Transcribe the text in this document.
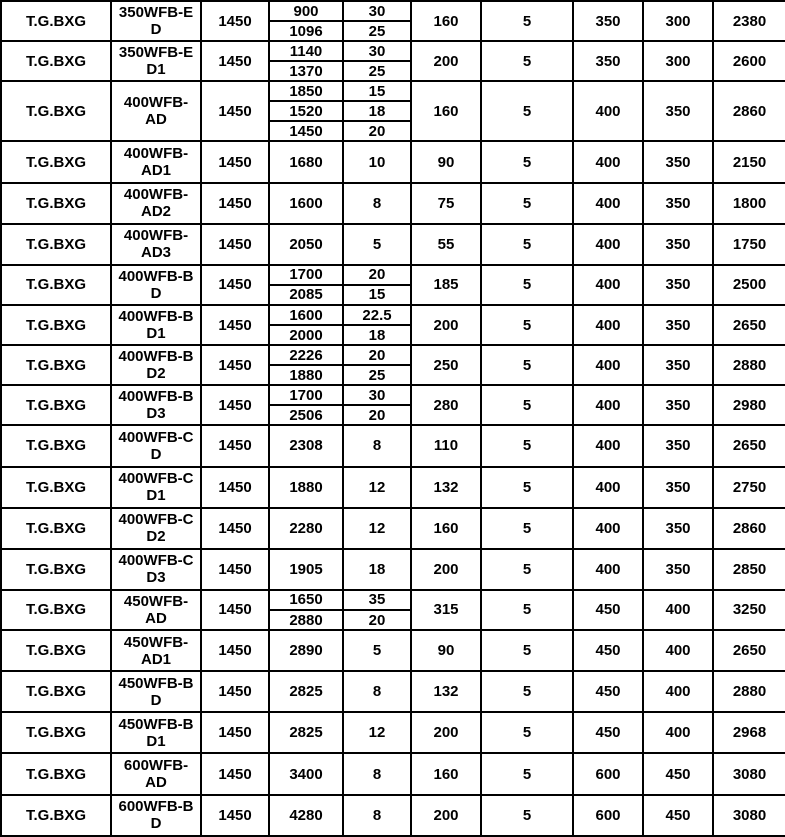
T.G.BXG	350WFB-E
D	1450	900	30	160	5	350	300	2380
			1096	25					
T.G.BXG	350WFB-E
D1	1450	1140	30	200	5	350	300	2600
			1370	25					
T.G.BXG	400WFB-
AD	1450	1850	15	160	5	400	350	2860
			1520	18					
			1450	20					
T.G.BXG	400WFB-
AD1	1450	1680	10	90	5	400	350	2150
T.G.BXG	400WFB-
AD2	1450	1600	8	75	5	400	350	1800
T.G.BXG	400WFB-
AD3	1450	2050	5	55	5	400	350	1750
T.G.BXG	400WFB-B
D	1450	1700	20	185	5	400	350	2500
			2085	15					
T.G.BXG	400WFB-B
D1	1450	1600	22.5	200	5	400	350	2650
			2000	18					
T.G.BXG	400WFB-B
D2	1450	2226	20	250	5	400	350	2880
			1880	25					
T.G.BXG	400WFB-B
D3	1450	1700	30	280	5	400	350	2980
			2506	20					
T.G.BXG	400WFB-C
D	1450	2308	8	110	5	400	350	2650
T.G.BXG	400WFB-C
D1	1450	1880	12	132	5	400	350	2750
T.G.BXG	400WFB-C
D2	1450	2280	12	160	5	400	350	2860
T.G.BXG	400WFB-C
D3	1450	1905	18	200	5	400	350	2850
T.G.BXG	450WFB-
AD	1450	1650	35	315	5	450	400	3250
			2880	20					
T.G.BXG	450WFB-
AD1	1450	2890	5	90	5	450	400	2650
T.G.BXG	450WFB-B
D	1450	2825	8	132	5	450	400	2880
T.G.BXG	450WFB-B
D1	1450	2825	12	200	5	450	400	2968
T.G.BXG	600WFB-
AD	1450	3400	8	160	5	600	450	3080
T.G.BXG	600WFB-B
D	1450	4280	8	200	5	600	450	3080
